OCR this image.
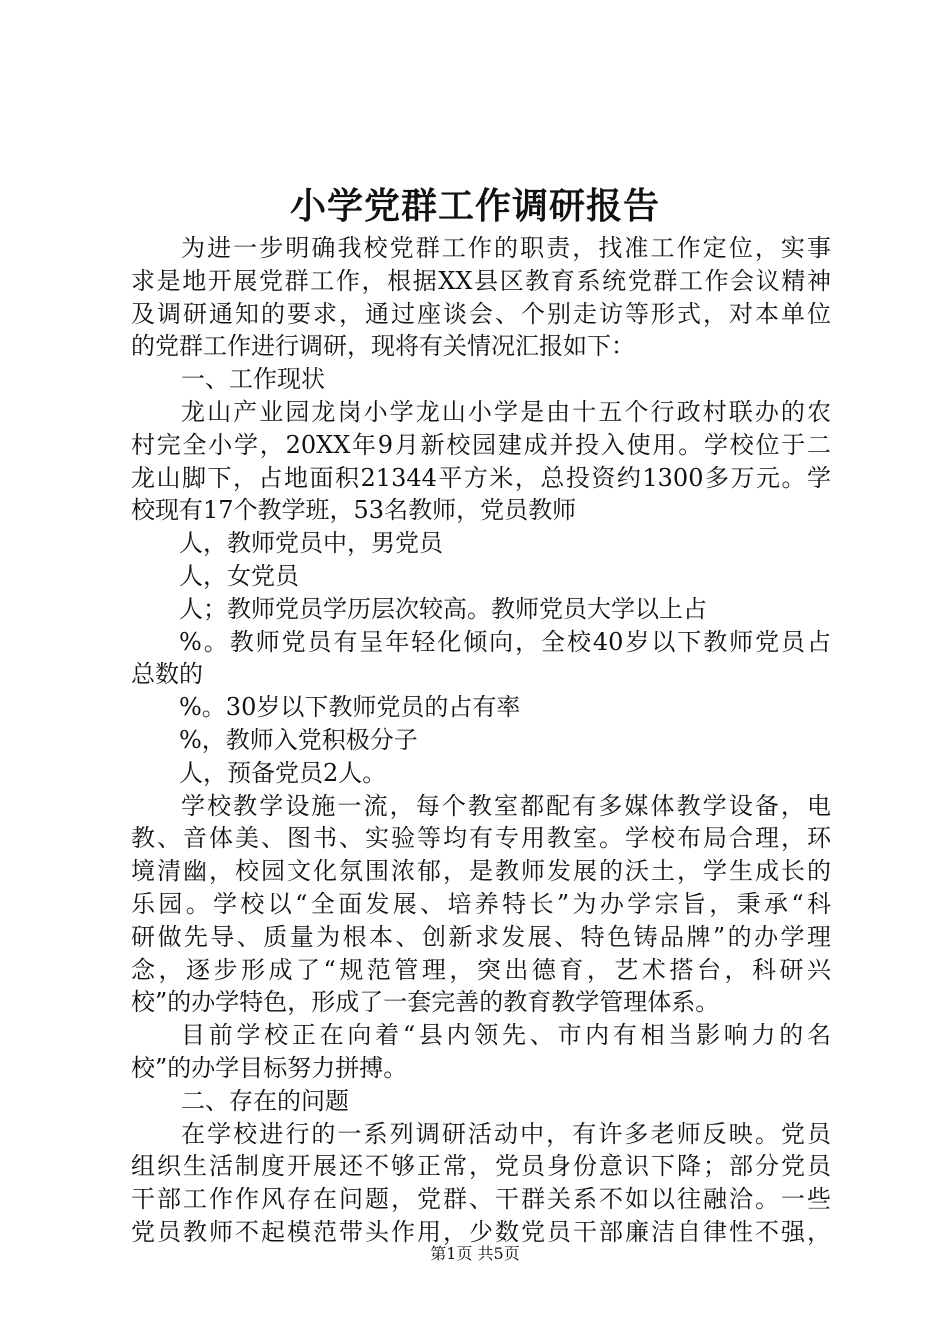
小学党群工作调研报告
为进一步明确我校党群工作的职责，找准工作定位，实事
求是地开展党群工作，根据XX县区教育系统党群工作会议精神
及调研通知的要求，通过座谈会、个别走访等形式，对本单位
的党群工作进行调研，现将有关情况汇报如下：
一、工作现状
龙山产业园龙岗小学龙山小学是由十五个行政村联办的农
村完全小学，20XX年9月新校园建成并投入使用。学校位于二
龙山脚下，占地面积21344平方米，总投资约1300多万元。学
校现有17个教学班，53名教师，党员教师
人，教师党员中，男党员
人，女党员
人；教师党员学历层次较高。教师党员大学以上占
%。教师党员有呈年轻化倾向，全校40岁以下教师党员占
总数的
%。30岁以下教师党员的占有率
%，教师入党积极分子
人，预备党员2人。
学校教学设施一流，每个教室都配有多媒体教学设备，电
教、音体美、图书、实验等均有专用教室。学校布局合理，环
境清幽，校园文化氛围浓郁，是教师发展的沃土，学生成长的
乐园。学校以“全面发展、培养特长”为办学宗旨，秉承“科
研做先导、质量为根本、创新求发展、特色铸品牌”的办学理
念，逐步形成了“规范管理，突出德育，艺术搭台，科研兴
校”的办学特色，形成了一套完善的教育教学管理体系。
目前学校正在向着“县内领先、市内有相当影响力的名
校”的办学目标努力拼搏。
二、存在的问题
在学校进行的一系列调研活动中，有许多老师反映。党员
组织生活制度开展还不够正常，党员身份意识下降；部分党员
干部工作作风存在问题，党群、干群关系不如以往融洽。一些
党员教师不起模范带头作用，少数党员干部廉洁自律性不强，
第1页 共5页
